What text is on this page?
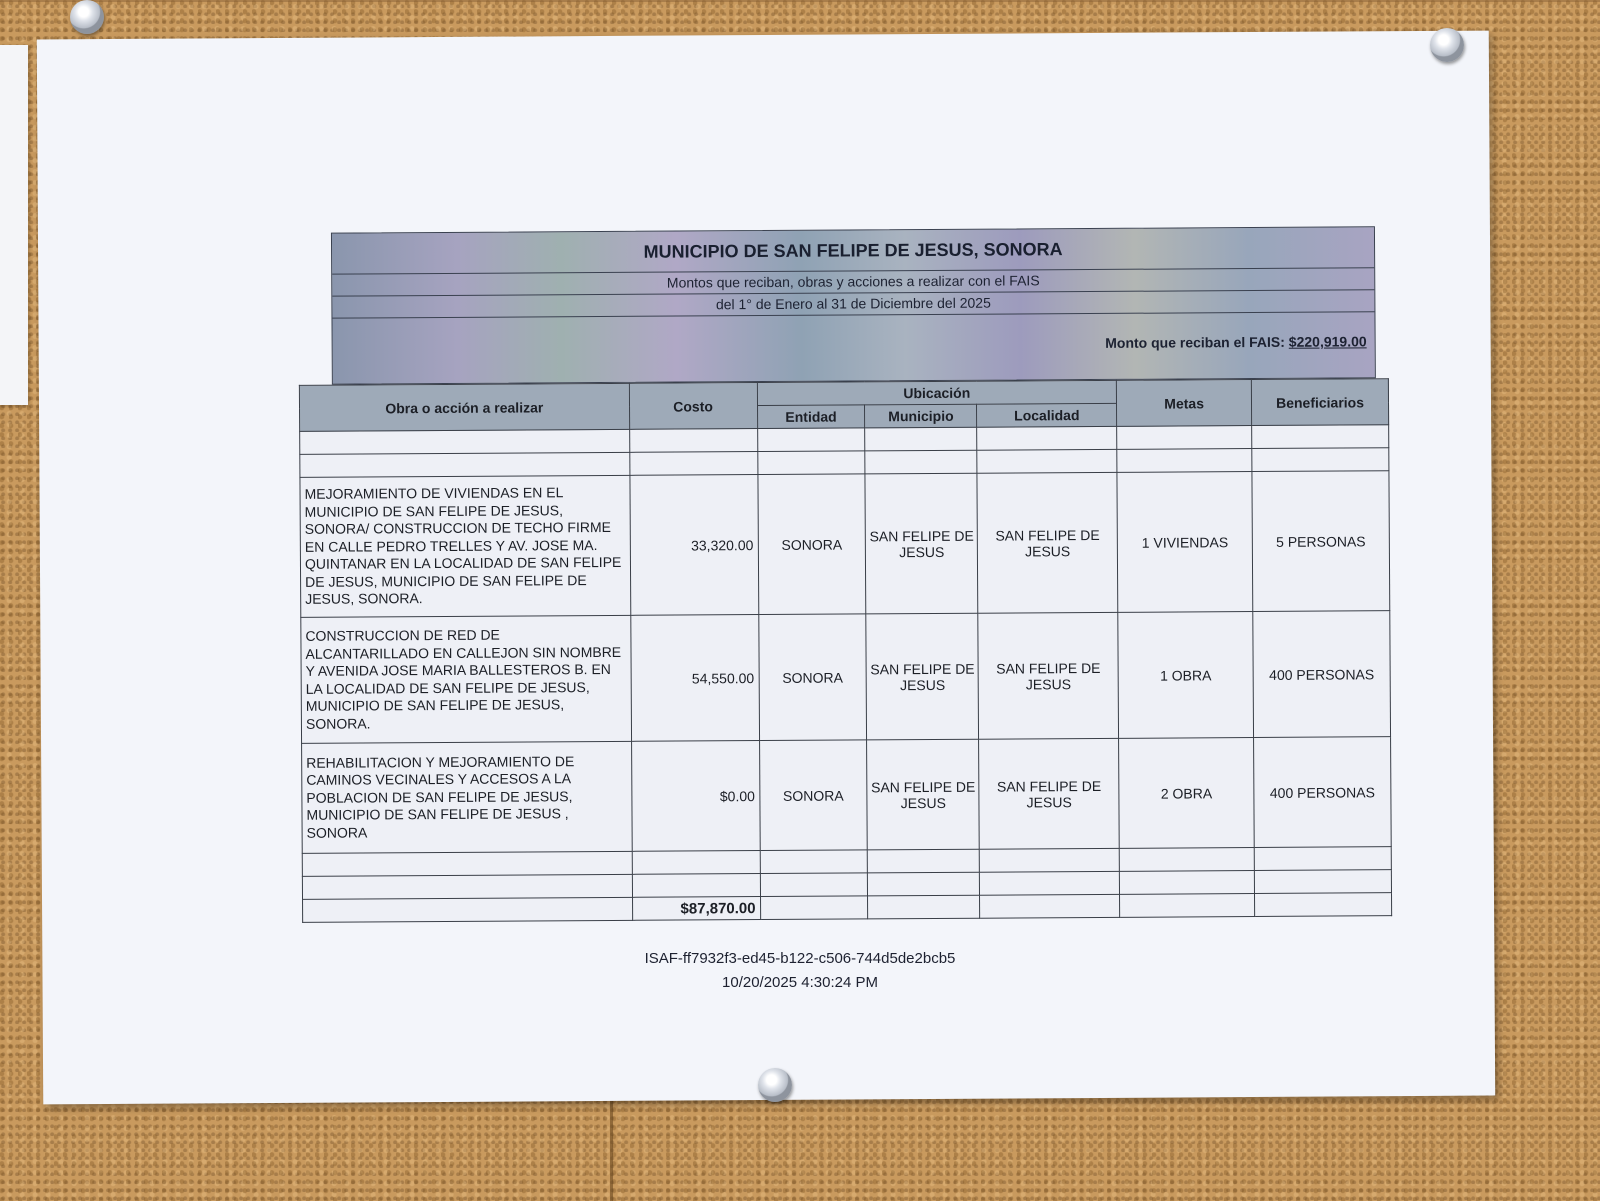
MUNICIPIO DE SAN FELIPE DE JESUS, SONORA
Montos que reciban, obras y acciones a realizar con el FAIS
del 1° de Enero al 31 de Diciembre del 2025
Monto que reciban el FAIS: $220,919.00
Obra o acción a realizar	Costo	Ubicación			Metas	Beneficiarios
		Entidad	Municipio	Localidad		

MEJORAMIENTO DE VIVIENDAS EN EL MUNICIPIO DE SAN FELIPE DE JESUS, SONORA/ CONSTRUCCION DE TECHO FIRME EN CALLE PEDRO TRELLES Y AV. JOSE MA. QUINTANAR EN LA LOCALIDAD DE SAN FELIPE DE JESUS, MUNICIPIO DE SAN FELIPE DE JESUS, SONORA.	33,320.00	SONORA	SAN FELIPE DE JESUS	SAN FELIPE DE JESUS	1 VIVIENDAS	5 PERSONAS
CONSTRUCCION DE RED DE ALCANTARILLADO EN CALLEJON SIN NOMBRE Y AVENIDA JOSE MARIA BALLESTEROS B. EN LA LOCALIDAD DE SAN FELIPE DE JESUS, MUNICIPIO DE SAN FELIPE DE JESUS, SONORA.	54,550.00	SONORA	SAN FELIPE DE JESUS	SAN FELIPE DE JESUS	1 OBRA	400 PERSONAS
REHABILITACION Y MEJORAMIENTO DE CAMINOS VECINALES Y ACCESOS A LA POBLACION DE SAN FELIPE DE JESUS, MUNICIPIO DE SAN FELIPE DE JESUS , SONORA	$0.00	SONORA	SAN FELIPE DE JESUS	SAN FELIPE DE JESUS	2 OBRA	400 PERSONAS

	$87,870.00					
ISAF-ff7932f3-ed45-b122-c506-744d5de2bcb5
10/20/2025 4:30:24 PM
